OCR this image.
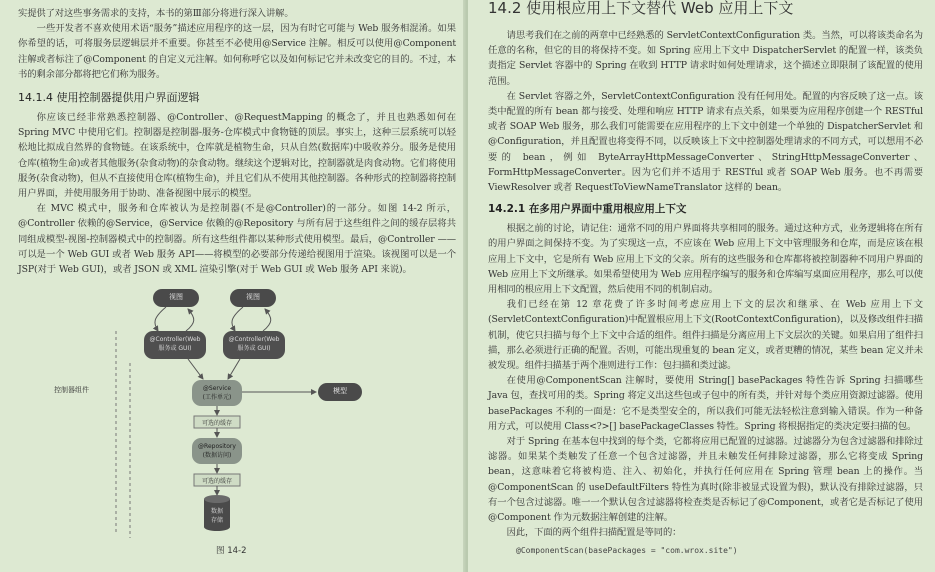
实提供了对这些事务需求的支持，本书的第Ⅲ部分将进行深入讲解。

一些开发者不喜欢使用术语“服务”描述应用程序的这一层，因为有时它可能与 Web 服务相混淆。如果你希望的话，可将服务层逻辑层并不重要。你甚至不必使用@Service 注解。相反可以使用@Component 注解或者标注了@Component 的自定义元注解。如何称呼它以及如何标记它并未改变它的目的。不过，本书的剩余部分都将把它们称为服务。

14.1.4 使用控制器提供用户界面逻辑

你应该已经非常熟悉控制器、@Controller、@RequestMapping 的概念了，并且也熟悉如何在 Spring MVC 中使用它们。控制器是控制器-服务-仓库模式中食物链的顶层。事实上，这种三层系统可以轻松地比拟成自然界的食物链。在该系统中，仓库就是植物生命，只从自然(数据库)中吸收养分。服务是使用仓库(植物生命)或者其他服务(杂食动物)的杂食动物。继续这个逻辑对比，控制器就是肉食动物。它们将使用服务(杂食动物)，但从不直接使用仓库(植物生命)，并且它们从不使用其他控制器。各种形式的控制器将控制用户界面，并使用服务用于协助、准备视图中展示的模型。

在 MVC 模式中，服务和仓库被认为是控制器(不是@Controller)的一部分。如图 14-2 所示，@Controller 依赖的@Service，@Service 依赖的@Repository 与所有居于这些组件之间的缓存层将共同组成模型-视图-控制器模式中的控制器。所有这些组件都以某种形式使用模型。最后，@Controller ——可以是一个 Web GUI 或者 Web 服务 API——将模型的必要部分传递给视图用于渲染。该视图可以是一个 JSP(对于 Web GUI)，或者 JSON 或 XML 渲染引擎(对于 Web GUI 或 Web 服务 API 来说)。

视图	视图
@Controller(Web
服务或 GUI)
@Controller(Web
服务或 GUI)
@Service
(工作单元)
模型
可选的缓存
@Repository
(数据访问)
可选的缓存
数据
存储
控制器组件
图 14-2
14.2 使用根应用上下文替代 Web 应用上下文

请思考我们在之前的两章中已经熟悉的 ServletContextConfiguration 类。当然，可以将该类命名为任意的名称，但它的目的将保持不变。如 Spring 应用上下文中 DispatcherServlet 的配置一样，该类负责指定 Servlet 容器中的 Spring 在收到 HTTP 请求时如何处理请求，这个描述立即限制了该配置的使用范围。

在 Servlet 容器之外，ServletContextConfiguration 没有任何用处。配置的内容反映了这一点。该类中配置的所有 bean 都与接受、处理和响应 HTTP 请求有点关系，如果要为应用程序创建一个 RESTful 或者 SOAP Web 服务，那么我们可能需要在应用程序的上下文中创建一个单独的 DispatcherServlet 和@Configuration，并且配置也将变得不同，以反映该上下文中控制器处理请求的不同方式，可以想用不必要的 bean，例如 ByteArrayHttpMessageConverter、StringHttpMessageConverter、FormHttpMessageConverter。因为它们并不适用于 RESTful 或者 SOAP Web 服务。也不再需要 ViewResolver 或者 RequestToViewNameTranslator 这样的 bean。

14.2.1 在多用户界面中重用根应用上下文

根据之前的讨论，请记住：通常不同的用户界面将共享相同的服务。通过这种方式，业务逻辑将在所有的用户界面之间保持不变。为了实现这一点，不应该在 Web 应用上下文中管理服务和仓库，而是应该在根应用上下文中，它是所有 Web 应用上下文的父亲。所有的这些服务和仓库都将被控制器种不同用户界面的 Web 应用上下文所继承。如果希望使用为 Web 应用程序编写的服务和仓库编写桌面应用程序，那么可以使用相同的根应用上下文配置，然后使用不同的机制启动。

我们已经在第 12 章花费了许多时间考虑应用上下文的层次和继承、在 Web 应用上下文(ServletContextConfiguration)中配置根应用上下文(RootContextConfiguration)，以及修改组件扫描机制，使它只扫描与每个上下文中合适的组件。组件扫描是分离应用上下文层次的关键。如果启用了组件扫描，那么必须进行正确的配置。否则，可能出现重复的 bean 定义，或者更糟的情况，某些 bean 定义并未被发现。组件扫描基于两个准则进行工作：包扫描和类过滤。

在使用@ComponentScan 注解时，要使用 String[] basePackages 特性告诉 Spring 扫描哪些 Java 包，查找可用的类。Spring 将定义出这些包或子包中的所有类，并针对每个类应用资源过滤器。使用 basePackages 不利的一面是：它不是类型安全的，所以我们可能无法轻松注意到输入错误。作为一种备用方式，可以使用 Class<?>[] basePackageClasses 特性。Spring 将根据指定的类决定要扫描的包。

对于 Spring 在基本包中找到的每个类，它都将应用已配置的过滤器。过滤器分为包含过滤器和排除过滤器。如果某个类触发了任意一个包含过滤器，并且未触发任何排除过滤器，那么它将变成 Spring bean，这意味着它将被构造、注入、初始化，并执行任何应用在 Spring 管理 bean 上的操作。当@ComponentScan 的 useDefaultFilters 特性为真时(除非被显式设置为假)，默认没有排除过滤器，只有一个包含过滤器。唯一一个默认包含过滤器将检查类是否标记了@Component，或者它是否标记了使用@Component 作为元数据注解创建的注解。

因此，下面的两个组件扫描配置是等同的：

@ComponentScan(basePackages = "com.wrox.site")
